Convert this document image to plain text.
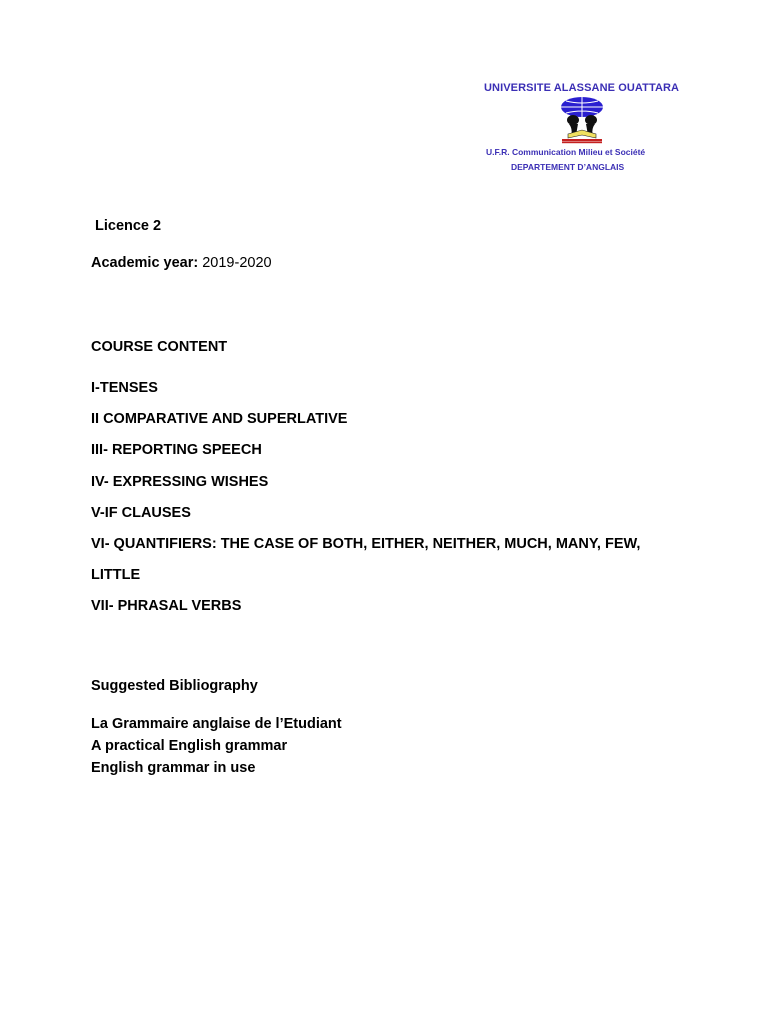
UNIVERSITE ALASSANE OUATTARA
U.F.R. Communication Milieu et Société
DEPARTEMENT D’ANGLAIS
Licence 2
Academic year: 2019-2020
COURSE CONTENT
I-TENSES
II COMPARATIVE AND SUPERLATIVE
III- REPORTING SPEECH
IV- EXPRESSING WISHES
V-IF CLAUSES
VI- QUANTIFIERS: THE CASE OF BOTH, EITHER, NEITHER, MUCH, MANY, FEW,
LITTLE
VII- PHRASAL VERBS
Suggested Bibliography
La Grammaire anglaise de l’Etudiant
A practical English grammar
English grammar in use
